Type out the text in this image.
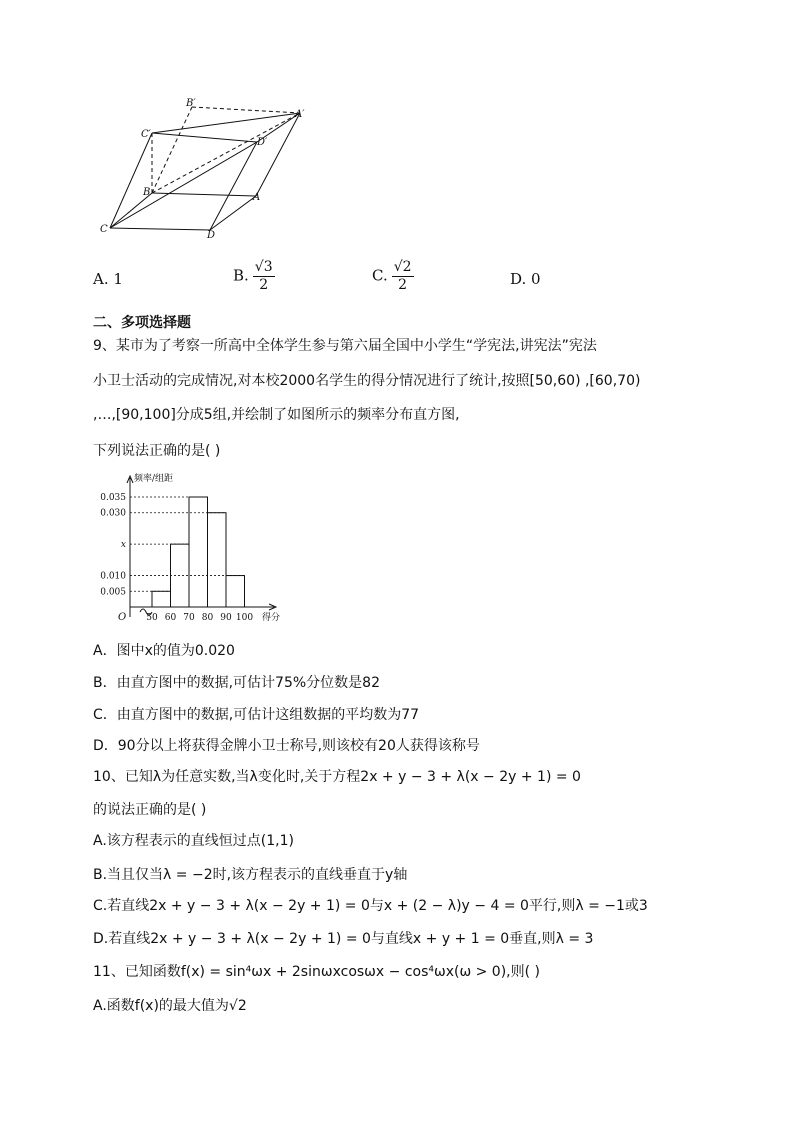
B′
A′
C′
D′
B	A
C
D
A. 1	B. $\frac{√3}{2}$	C. $\frac{√2}{2}$	D. 0
二、多项选择题
9、某市为了考察一所高中全体学生参与第六届全国中小学生“学宪法,讲宪法”宪法
小卫士活动的完成情况,对本校2000名学生的得分情况进行了统计,按照[50,60) ,[60,70)
,…,[90,100]分成5组,并绘制了如图所示的频率分布直方图,
下列说法正确的是( )
0.035
0.030
x
0.010
0.005
50 60 70 80 90 100
频率/组距
得分
O
A．图中x的值为0.020
B．由直方图中的数据,可估计75%分位数是82
C．由直方图中的数据,可估计这组数据的平均数为77
D．90分以上将获得金牌小卫士称号,则该校有20人获得该称号
10、已知λ为任意实数,当λ变化时,关于方程2x + y − 3 + λ(x − 2y + 1) = 0
的说法正确的是( )
A.该方程表示的直线恒过点(1,1)
B.当且仅当λ = −2时,该方程表示的直线垂直于y轴
C.若直线2x + y − 3 + λ(x − 2y + 1) = 0与x + (2 − λ)y − 4 = 0平行,则λ = −1或3
D.若直线2x + y − 3 + λ(x − 2y + 1) = 0与直线x + y + 1 = 0垂直,则λ = 3
11、已知函数f(x) = sin⁴ωx + 2sinωxcosωx − cos⁴ωx(ω > 0),则( )
A.函数f(x)的最大值为√2
